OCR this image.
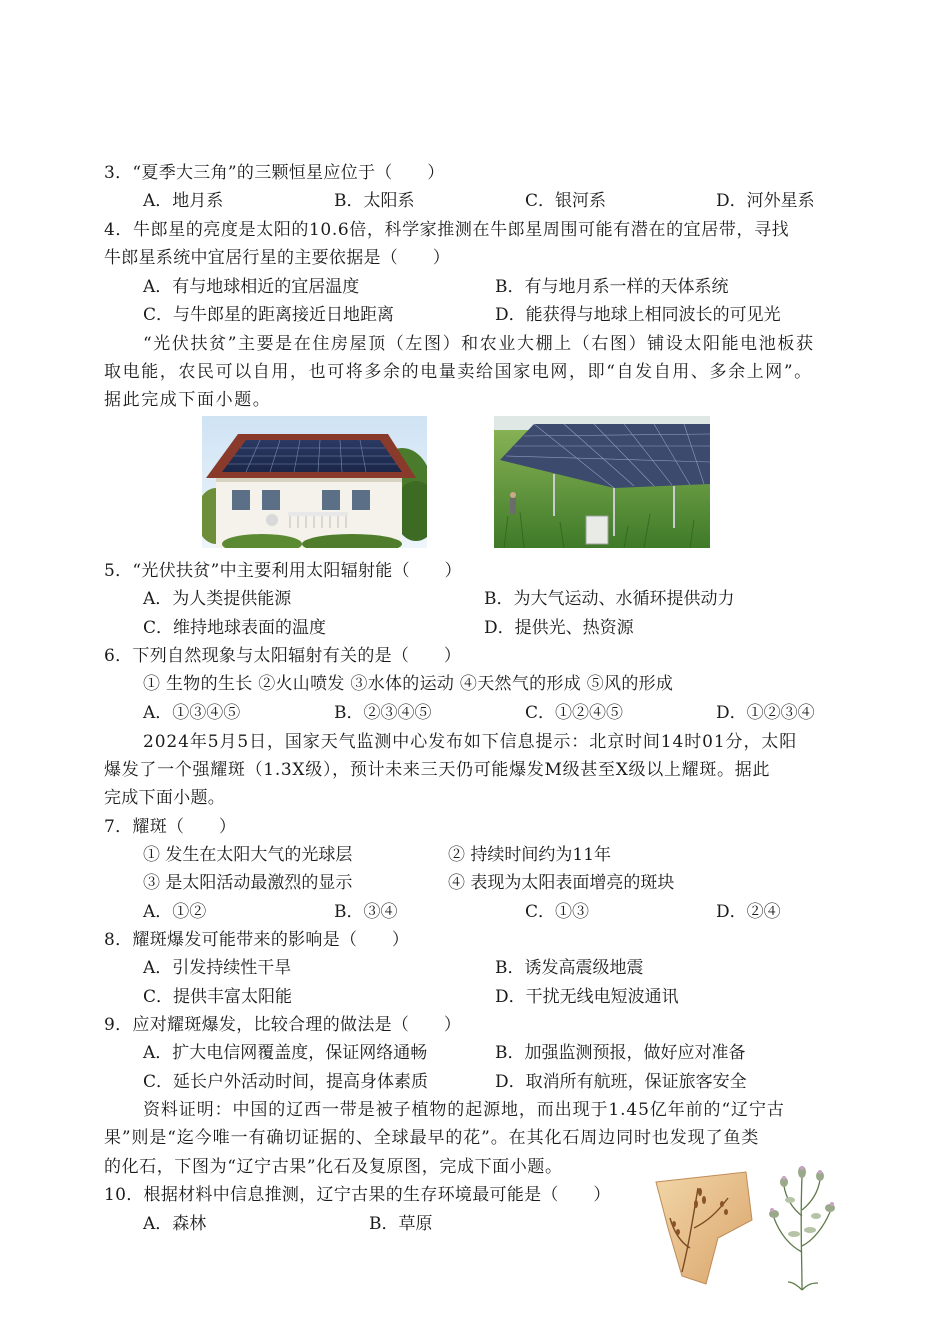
3．“夏季大三角”的三颗恒星应位于（　　）
A．地月系	B．太阳系	C．银河系	D．河外星系
4．牛郎星的亮度是太阳的10.6倍，科学家推测在牛郎星周围可能有潜在的宜居带，寻找
牛郎星系统中宜居行星的主要依据是（　　）
A．有与地球相近的宜居温度	B．有与地月系一样的天体系统
C．与牛郎星的距离接近日地距离	D．能获得与地球上相同波长的可见光
“光伏扶贫”主要是在住房屋顶（左图）和农业大棚上（右图）铺设太阳能电池板获
取电能，农民可以自用，也可将多余的电量卖给国家电网，即“自发自用、多余上网”。
据此完成下面小题。
5．“光伏扶贫”中主要利用太阳辐射能（　　）
A．为人类提供能源	B．为大气运动、水循环提供动力
C．维持地球表面的温度	D．提供光、热资源
6．下列自然现象与太阳辐射有关的是（　　）
① 生物的生长 ②火山喷发 ③水体的运动 ④天然气的形成 ⑤风的形成
A．①③④⑤	B．②③④⑤	C．①②④⑤	D．①②③④
2024年5月5日，国家天气监测中心发布如下信息提示：北京时间14时01分，太阳
爆发了一个强耀斑（1.3X级），预计未来三天仍可能爆发M级甚至X级以上耀斑。据此
完成下面小题。
7．耀斑（　　）
① 发生在太阳大气的光球层	② 持续时间约为11年
③ 是太阳活动最激烈的显示	④ 表现为太阳表面增亮的斑块
A．①②	B．③④	C．①③	D．②④
8．耀斑爆发可能带来的影响是（　　）
A．引发持续性干旱	B．诱发高震级地震
C．提供丰富太阳能	D．干扰无线电短波通讯
9．应对耀斑爆发，比较合理的做法是（　　）
A．扩大电信网覆盖度，保证网络通畅	B．加强监测预报，做好应对准备
C．延长户外活动时间，提高身体素质	D．取消所有航班，保证旅客安全
资料证明：中国的辽西一带是被子植物的起源地，而出现于1.45亿年前的“辽宁古
果”则是“迄今唯一有确切证据的、全球最早的花”。在其化石周边同时也发现了鱼类
的化石，下图为“辽宁古果”化石及复原图，完成下面小题。
10．根据材料中信息推测，辽宁古果的生存环境最可能是（　　）
A．森林	B．草原
